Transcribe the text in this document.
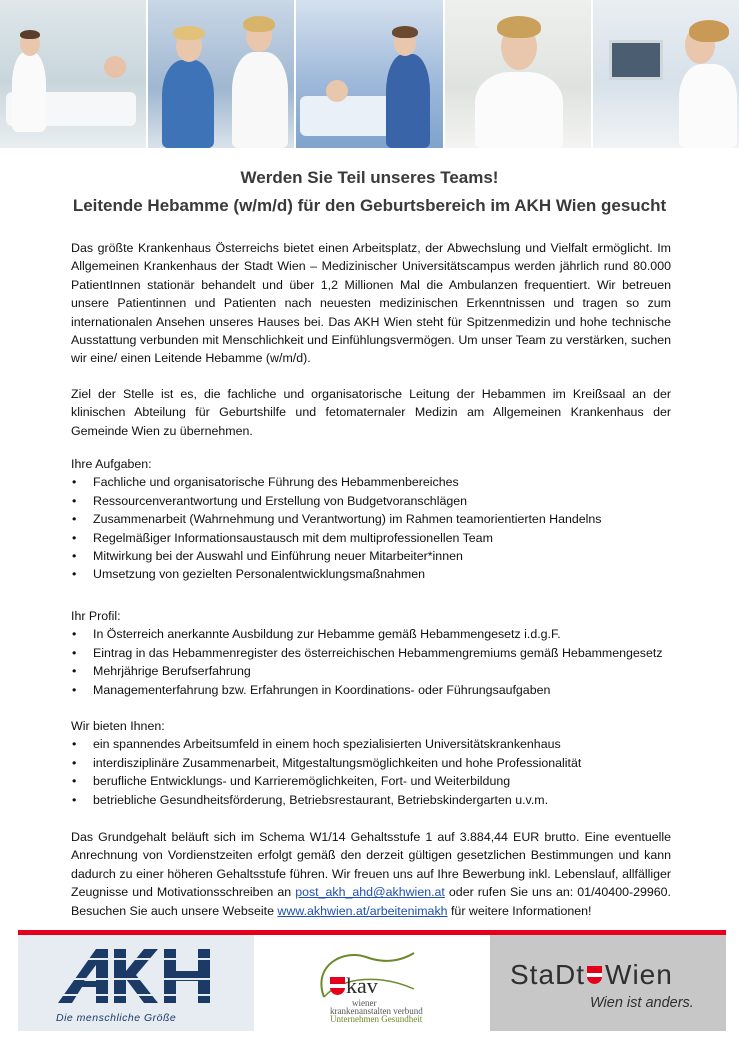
Werden Sie Teil unseres Teams!
Leitende Hebamme (w/m/d) für den Geburtsbereich im AKH Wien gesucht

Das größte Krankenhaus Österreichs bietet einen Arbeitsplatz, der Abwechslung und Vielfalt ermöglicht. Im Allgemeinen Krankenhaus der Stadt Wien – Medizinischer Universitätscampus werden jährlich rund 80.000 PatientInnen stationär behandelt und über 1,2 Millionen Mal die Ambulanzen frequentiert. Wir betreuen unsere Patientinnen und Patienten nach neuesten medizinischen Erkenntnissen und tragen so zum internationalen Ansehen unseres Hauses bei. Das AKH Wien steht für Spitzenmedizin und hohe technische Ausstattung verbunden mit Menschlichkeit und Einfühlungsvermögen. Um unser Team zu verstärken, suchen wir eine/ einen Leitende Hebamme (w/m/d).

Ziel der Stelle ist es, die fachliche und organisatorische Leitung der Hebammen im Kreißsaal an der klinischen Abteilung für Geburtshilfe und fetomaternaler Medizin am Allgemeinen Krankenhaus der Gemeinde Wien zu übernehmen.

Ihre Aufgaben:
• Fachliche und organisatorische Führung des Hebammenbereiches
• Ressourcenverantwortung und Erstellung von Budgetvoranschlägen
• Zusammenarbeit (Wahrnehmung und Verantwortung) im Rahmen teamorientierten Handelns
• Regelmäßiger Informationsaustausch mit dem multiprofessionellen Team
• Mitwirkung bei der Auswahl und Einführung neuer Mitarbeiter*innen
• Umsetzung von gezielten Personalentwicklungsmaßnahmen
Ihr Profil:
• In Österreich anerkannte Ausbildung zur Hebamme gemäß Hebammengesetz i.d.g.F.
• Eintrag in das Hebammenregister des österreichischen Hebammengremiums gemäß Hebammengesetz
• Mehrjährige Berufserfahrung
• Managementerfahrung bzw. Erfahrungen in Koordinations- oder Führungsaufgaben
Wir bieten Ihnen:
• ein spannendes Arbeitsumfeld in einem hoch spezialisierten Universitätskrankenhaus
• interdisziplinäre Zusammenarbeit, Mitgestaltungsmöglichkeiten und hohe Professionalität
• berufliche Entwicklungs- und Karrieremöglichkeiten, Fort- und Weiterbildung
• betriebliche Gesundheitsförderung, Betriebsrestaurant, Betriebskindergarten u.v.m.

Das Grundgehalt beläuft sich im Schema W1/14 Gehaltsstufe 1 auf 3.884,44 EUR brutto. Eine eventuelle Anrechnung von Vordienstzeiten erfolgt gemäß den derzeit gültigen gesetzlichen Bestimmungen und kann dadurch zu einer höheren Gehaltsstufe führen. Wir freuen uns auf Ihre Bewerbung inkl. Lebenslauf, allfälliger Zeugnisse und Motivationsschreiben an post_akh_ahd@akhwien.at oder rufen Sie uns an: 01/40400-29960. Besuchen Sie auch unsere Webseite www.akhwien.at/arbeitenimakh für weitere Informationen!

Die menschliche Größe
kav
wiener
krankenanstalten verbund
Unternehmen Gesundheit
StaDt Wien
Wien ist anders.
